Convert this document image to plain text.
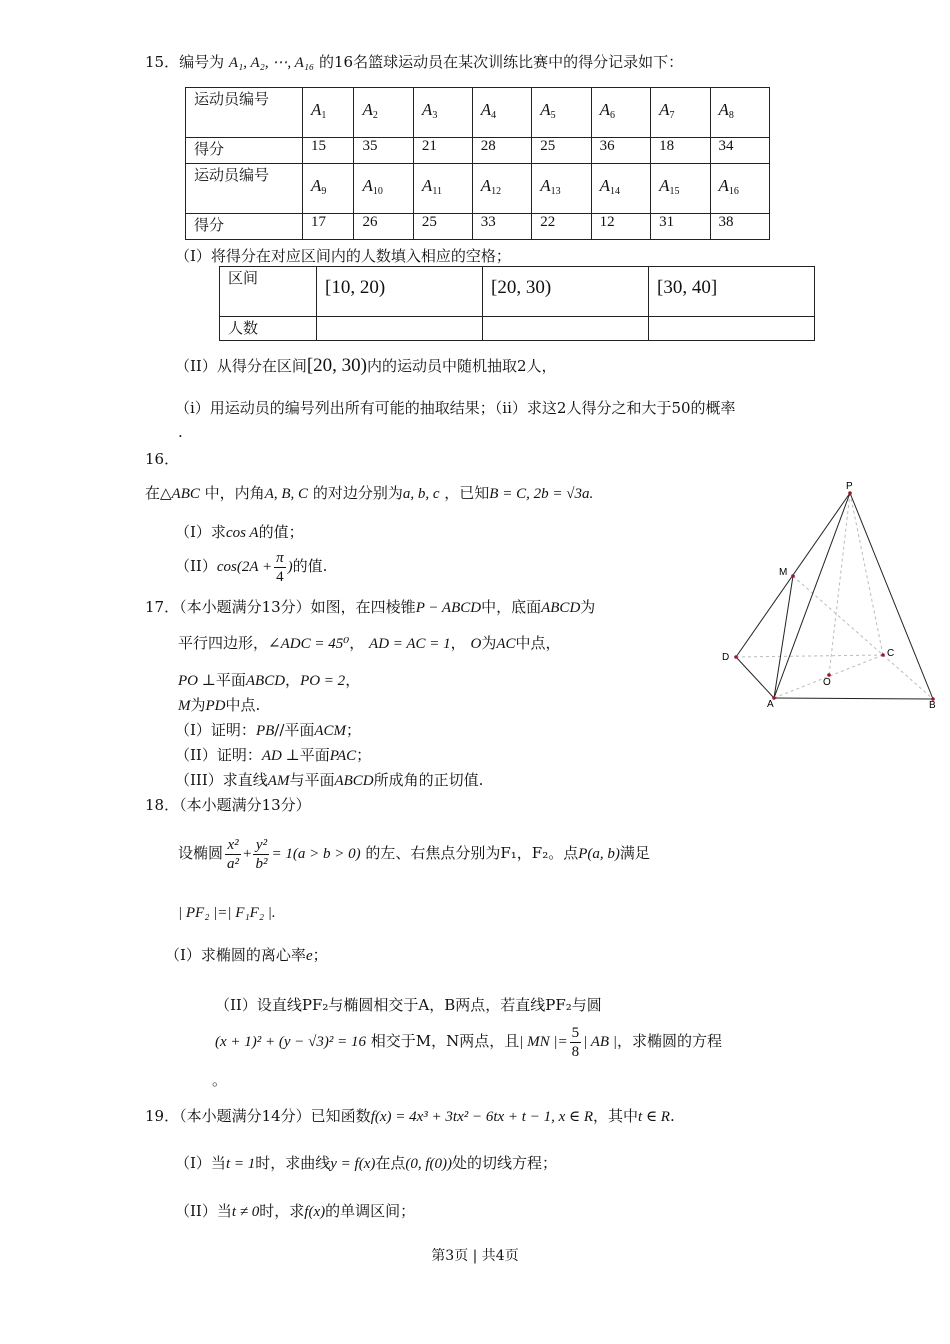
15．编号为 A₁, A₂, ⋯, A₁₆ 的16名篮球运动员在某次训练比赛中的得分记录如下：
运动员编号	$A_1$	$A_2$	$A_3$	$A_4$	$A_5$	$A_6$	$A_7$	$A_8$
得分	15	35	21	28	25	36	18	34
运动员编号	$A_9$	$A_{10}$	$A_{11}$	$A_{12}$	$A_{13}$	$A_{14}$	$A_{15}$	$A_{16}$
得分	17	26	25	33	22	12	31	38
（I）将得分在对应区间内的人数填入相应的空格；
区间	[10, 20)	[20, 30)	[30, 40]
人数			
（II）从得分在区间[20, 30)内的运动员中随机抽取2人，
（i）用运动员的编号列出所有可能的抽取结果；（ii）求这2人得分之和大于50的概率
.
16．
在△ABC 中，内角A, B, C 的对边分别为a, b, c ，已知B = C, 2b = √3a.
（I）求cos A的值；
$(II)\cos(2A + \frac{\pi}{4}$ )的值.
17．（本小题满分13分）如图，在四棱锥P − ABCD中，底面ABCD为
平行四边形，∠ADC = 45⁰， AD = AC = 1， O为AC中点，
PO ⊥平面ABCD，PO = 2，
M为PD中点.
（I）证明：PB//平面ACM；
（II）证明：AD ⊥平面PAC；
（III）求直线AM与平面ABCD所成角的正切值.
P
M
D	C
O
A	B
18．（本小题满分13分）
设椭圆 $\frac{\text{x²}}{\text{a²}} + \frac{\text{y²}}{\text{b²}} = 1(a > b > 0)$ 的左、右焦点分别为F₁，F₂。点P(a, b)满足
| PF₂ |=| F₁F₂ |.
（I）求椭圆的离心率e；
（II）设直线PF₂与椭圆相交于A，B两点，若直线PF₂与圆
(x + 1)² + (y − √3)² = 16 相交于M，N两点，且| MN |= $\frac{5}{8}$ | AB |，求椭圆的方程
。
19．（本小题满分14分）已知函数f(x) = 4x³ + 3tx² − 6tx + t − 1, x ∈ R，其中t ∈ R.
（I）当t = 1时，求曲线y = f(x)在点(0, f(0))处的切线方程；
（II）当t ≠ 0时，求f(x)的单调区间；
第3页 | 共4页
